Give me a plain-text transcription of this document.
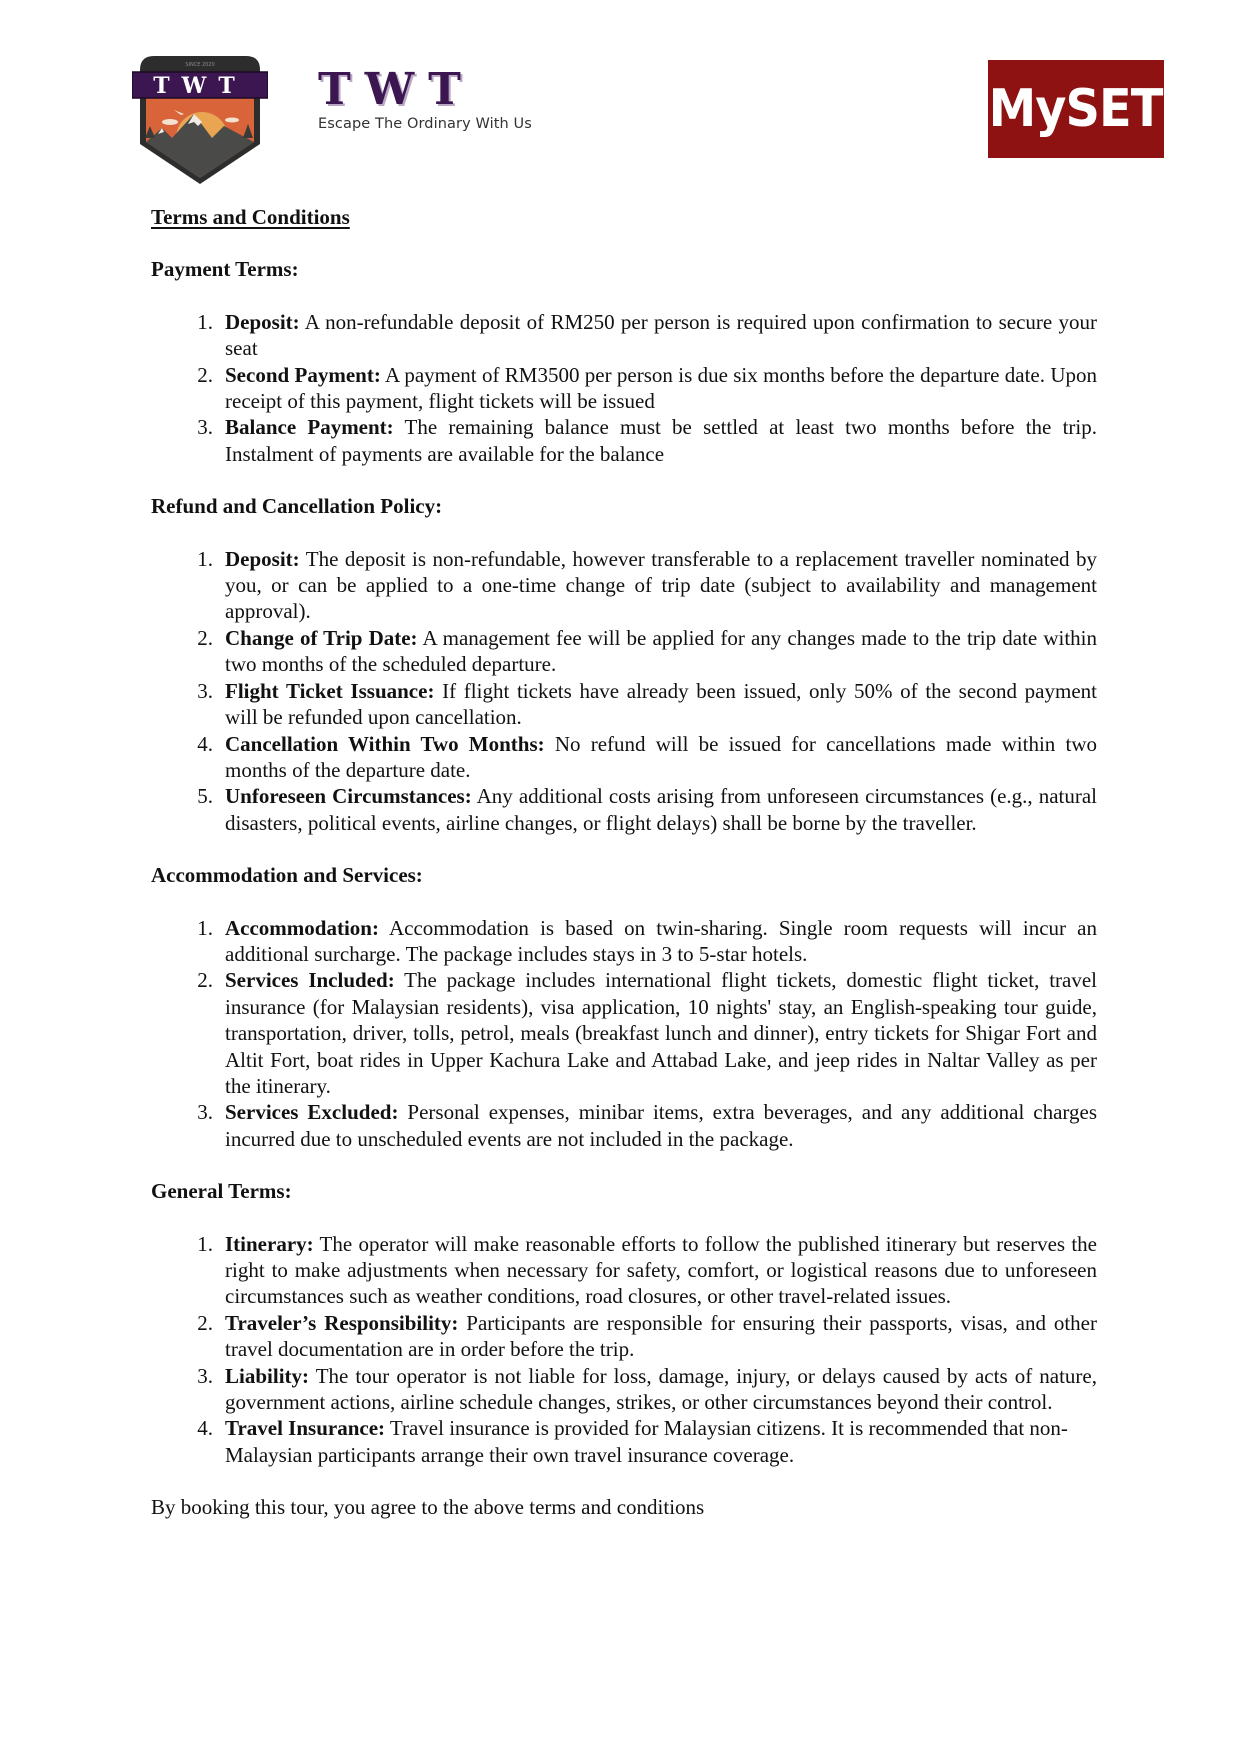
SINCE 2020
TWT TWT
Escape The Ordinary With Us	MySET
Terms and Conditions
Payment Terms:
1. Deposit: A non-refundable deposit of RM250 per person is required upon confirmation to secure your seat
2. Second Payment: A payment of RM3500 per person is due six months before the departure date. Upon receipt of this payment, flight tickets will be issued
3. Balance Payment: The remaining balance must be settled at least two months before the trip. Instalment of payments are available for the balance
Refund and Cancellation Policy:
1. Deposit: The deposit is non-refundable, however transferable to a replacement traveller nominated by you, or can be applied to a one-time change of trip date (subject to availability and management approval).
2. Change of Trip Date: A management fee will be applied for any changes made to the trip date within two months of the scheduled departure.
3. Flight Ticket Issuance: If flight tickets have already been issued, only 50% of the second payment will be refunded upon cancellation.
4. Cancellation Within Two Months: No refund will be issued for cancellations made within two months of the departure date.
5. Unforeseen Circumstances: Any additional costs arising from unforeseen circumstances (e.g., natural disasters, political events, airline changes, or flight delays) shall be borne by the traveller.
Accommodation and Services:
1. Accommodation: Accommodation is based on twin-sharing. Single room requests will incur an additional surcharge. The package includes stays in 3 to 5-star hotels.
2. Services Included: The package includes international flight tickets, domestic flight ticket, travel insurance (for Malaysian residents), visa application, 10 nights' stay, an English-speaking tour guide, transportation, driver, tolls, petrol, meals (breakfast lunch and dinner), entry tickets for Shigar Fort and Altit Fort, boat rides in Upper Kachura Lake and Attabad Lake, and jeep rides in Naltar Valley as per the itinerary.
3. Services Excluded: Personal expenses, minibar items, extra beverages, and any additional charges incurred due to unscheduled events are not included in the package.
General Terms:
1. Itinerary: The operator will make reasonable efforts to follow the published itinerary but reserves the right to make adjustments when necessary for safety, comfort, or logistical reasons due to unforeseen circumstances such as weather conditions, road closures, or other travel-related issues.
2. Traveler’s Responsibility: Participants are responsible for ensuring their passports, visas, and other travel documentation are in order before the trip.
3. Liability: The tour operator is not liable for loss, damage, injury, or delays caused by acts of nature, government actions, airline schedule changes, strikes, or other circumstances beyond their control.
4. Travel Insurance: Travel insurance is provided for Malaysian citizens. It is recommended that non-Malaysian participants arrange their own travel insurance coverage.
By booking this tour, you agree to the above terms and conditions
